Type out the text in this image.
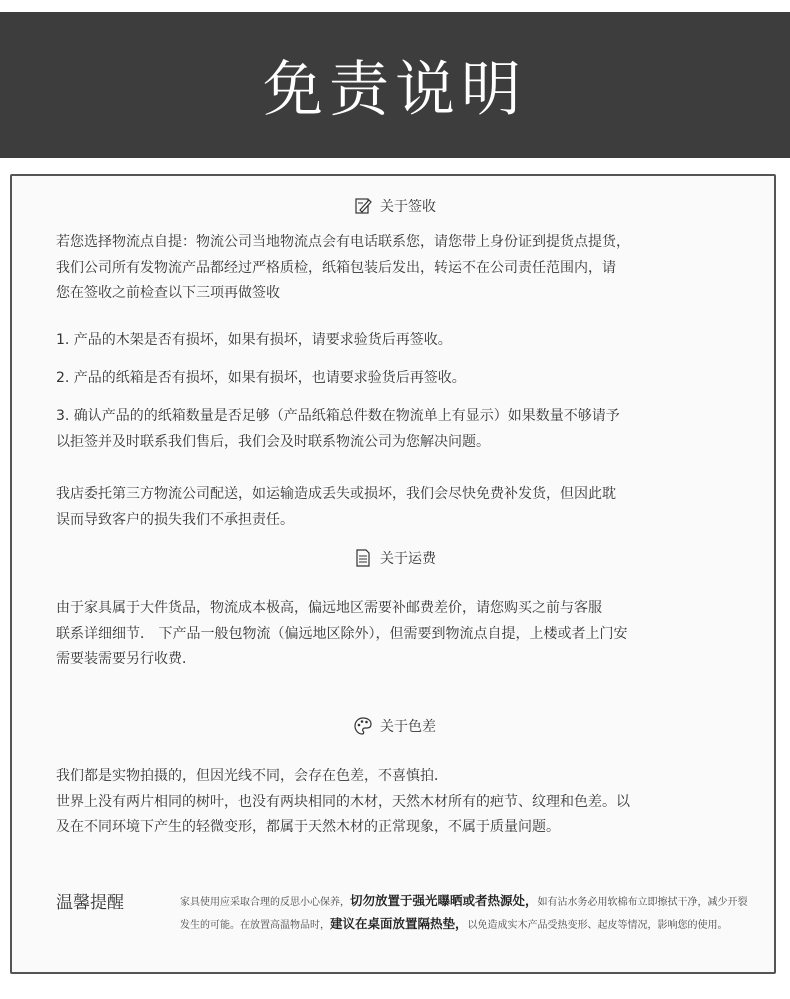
免责说明
关于签收
若您选择物流点自提：物流公司当地物流点会有电话联系您，请您带上身份证到提货点提货，
我们公司所有发物流产品都经过严格质检，纸箱包装后发出，转运不在公司责任范围内，请
您在签收之前检查以下三项再做签收
1. 产品的木架是否有损坏，如果有损坏，请要求验货后再签收。
2. 产品的纸箱是否有损坏，如果有损坏，也请要求验货后再签收。
3. 确认产品的的纸箱数量是否足够（产品纸箱总件数在物流单上有显示）如果数量不够请予
以拒签并及时联系我们售后，我们会及时联系物流公司为您解决问题。
我店委托第三方物流公司配送，如运输造成丢失或损坏，我们会尽快免费补发货，但因此耽
误而导致客户的损失我们不承担责任。
关于运费
由于家具属于大件货品，物流成本极高，偏远地区需要补邮费差价，请您购买之前与客服
联系详细细节． 下产品一般包物流（偏远地区除外），但需要到物流点自提，上楼或者上门安
需要装需要另行收费．
关于色差
我们都是实物拍摄的，但因光线不同，会存在色差，不喜慎拍．
世界上没有两片相同的树叶，也没有两块相同的木材，天然木材所有的疤节、纹理和色差。以
及在不同环境下产生的轻微变形，都属于天然木材的正常现象，不属于质量问题。
温馨提醒	家具使用应采取合理的反思小心保养，切勿放置于强光曝晒或者热源处，如有沾水务必用软棉布立即擦拭干净，减少开裂发生的可能。在放置高温物品时，建议在桌面放置隔热垫，以免造成实木产品受热变形、起皮等情况，影响您的使用。
